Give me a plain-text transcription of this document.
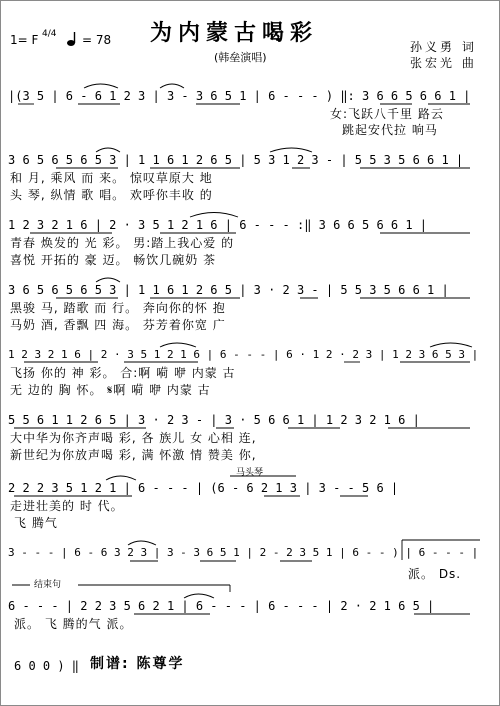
1= F 4/4 = 78 为内蒙古喝彩
(韩垒演唱)
孙义勇 词
张宏光 曲
|(3 5 | 6 - 6 1 2 3 | 3 - 3 6 5 1 | 6 - - - ) ‖: 3 6 6 5 6 6 1 |
女:飞跃八千里 路云
跳起安代拉 响马
3 6 5 6 5 6 5 3 | 1 1 6 1 2 6 5 | 5 3 1 2 3 - | 5 5 3 5 6 6 1 |
和 月, 乘风 而 来。 惊叹草原大 地
头 琴, 纵情 歌 唱。 欢呼你丰收 的
1 2 3 2 1 6 | 2 · 3 5 1 2 1 6 | 6 - - - :‖ 3 6 6 5 6 6 1 |
青春 焕发的 光 彩。 男:踏上我心爱 的
喜悦 开拓的 豪 迈。 畅饮几碗奶 茶
3 6 5 6 5 6 5 3 | 1 1 6 1 2 6 5 | 3 · 2 3 - | 5 5 3 5 6 6 1 |
黑骏 马, 踏歌 而 行。 奔向你的怀 抱
马奶 酒, 香飘 四 海。 芬芳着你宽 广
1 2 3 2 1 6 | 2 · 3 5 1 2 1 6 | 6 - - - | 6 · 1 2 · 2 3 | 1 2 3 6 5 3 |
飞扬 你的 神 彩。 合:啊 嗬 咿 内蒙 古
无 边的 胸 怀。 𝄋啊 嗬 咿 内蒙 古
5 5 6 1 1 2 6 5 | 3 · 2 3 - | 3 · 5 6 6 1 | 1 2 3 2 1 6 |
大中华为你齐声喝 彩, 各 族儿 女 心相 连,
新世纪为你放声喝 彩, 满 怀激 情 赞美 你,
马头琴
2 2 2 3 5 1 2 1 | 6 - - - | (6 - 6 2 1 3 | 3 - - 5 6 |
走进壮美的 时 代。
飞 腾气
3 - - - | 6 - 6 3 2 3 | 3 - 3 6 5 1 | 2 - 2 3 5 1 | 6 - - ) | 6 - - - |
派。 Ds.
结束句
6 - - - | 2 2 3 5 6 2 1 | 6 - - - | 6 - - - | 2 · 2 1 6 5 |
派。 飞 腾的气 派。
6 0 0 ) ‖ 制谱: 陈尊学
